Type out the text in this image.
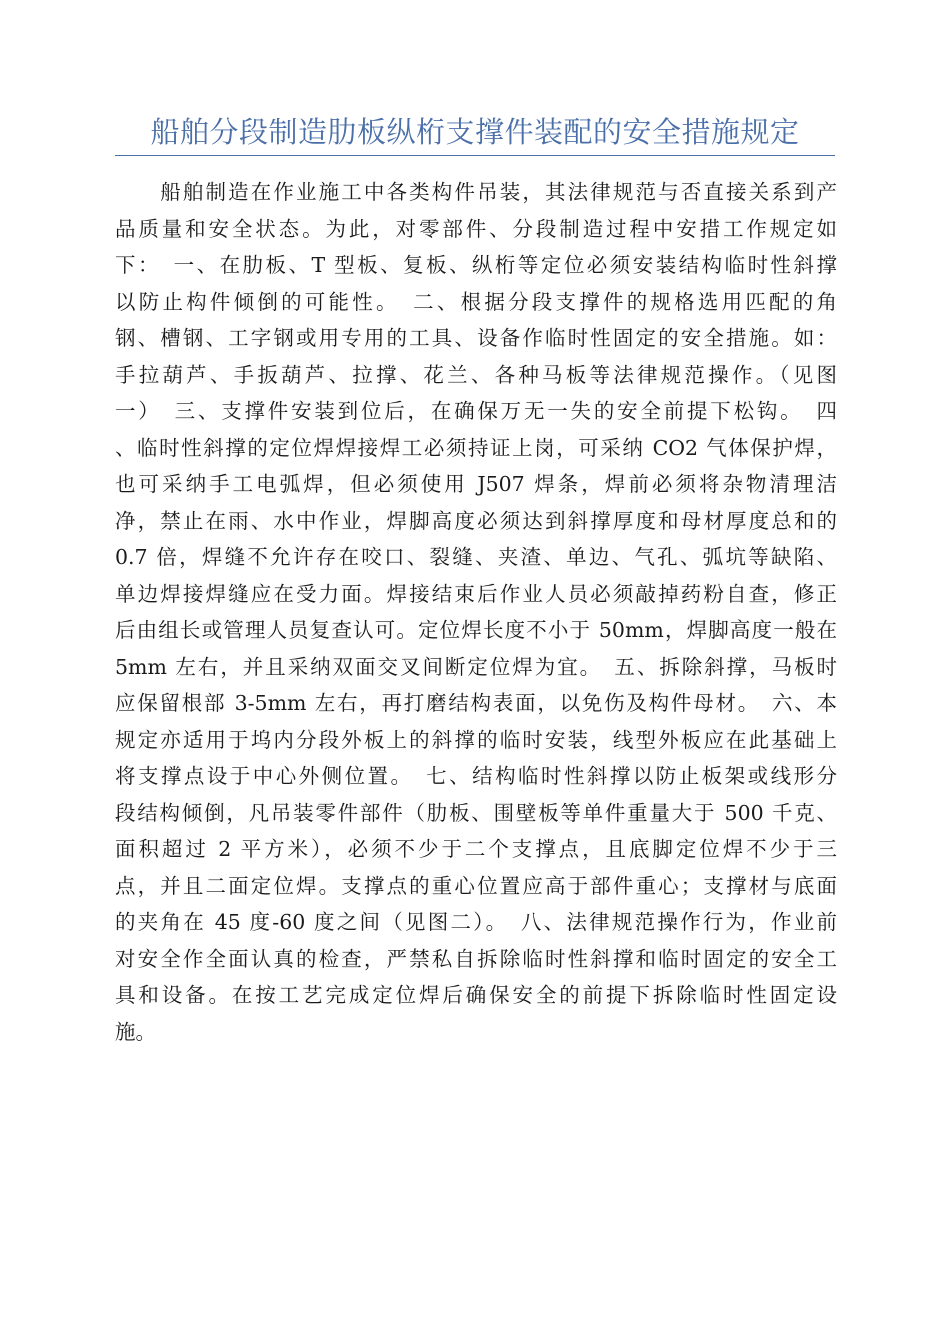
船舶分段制造肋板纵桁支撑件装配的安全措施规定
　　船舶制造在作业施工中各类构件吊装，其法律规范与否直接关系到产
品质量和安全状态。为此，对零部件、分段制造过程中安措工作规定如
下：　一、在肋板、T 型板、复板、纵桁等定位必须安装结构临时性斜撑
以防止构件倾倒的可能性。　二、根据分段支撑件的规格选用匹配的角
钢、槽钢、工字钢或用专用的工具、设备作临时性固定的安全措施。如：
手拉葫芦、手扳葫芦、拉撑、花兰、各种马板等法律规范操作。（见图
一）　三、支撑件安装到位后，在确保万无一失的安全前提下松钩。　四
、临时性斜撑的定位焊焊接焊工必须持证上岗，可采纳 CO2 气体保护焊，
也可采纳手工电弧焊，但必须使用 J507 焊条，焊前必须将杂物清理洁
净，禁止在雨、水中作业，焊脚高度必须达到斜撑厚度和母材厚度总和的
0.7 倍，焊缝不允许存在咬口、裂缝、夹渣、单边、气孔、弧坑等缺陷、
单边焊接焊缝应在受力面。焊接结束后作业人员必须敲掉药粉自查，修正
后由组长或管理人员复查认可。定位焊长度不小于 50mm，焊脚高度一般在
5mm 左右，并且采纳双面交叉间断定位焊为宜。　五、拆除斜撑，马板时
应保留根部 3-5mm 左右，再打磨结构表面，以免伤及构件母材。　六、本
规定亦适用于坞内分段外板上的斜撑的临时安装，线型外板应在此基础上
将支撑点设于中心外侧位置。　七、结构临时性斜撑以防止板架或线形分
段结构倾倒，凡吊装零件部件（肋板、围壁板等单件重量大于 500 千克、
面积超过 2 平方米），必须不少于二个支撑点，且底脚定位焊不少于三
点，并且二面定位焊。支撑点的重心位置应高于部件重心；支撑材与底面
的夹角在 45 度-60 度之间（见图二）。　八、法律规范操作行为，作业前
对安全作全面认真的检查，严禁私自拆除临时性斜撑和临时固定的安全工
具和设备。在按工艺完成定位焊后确保安全的前提下拆除临时性固定设
施。
